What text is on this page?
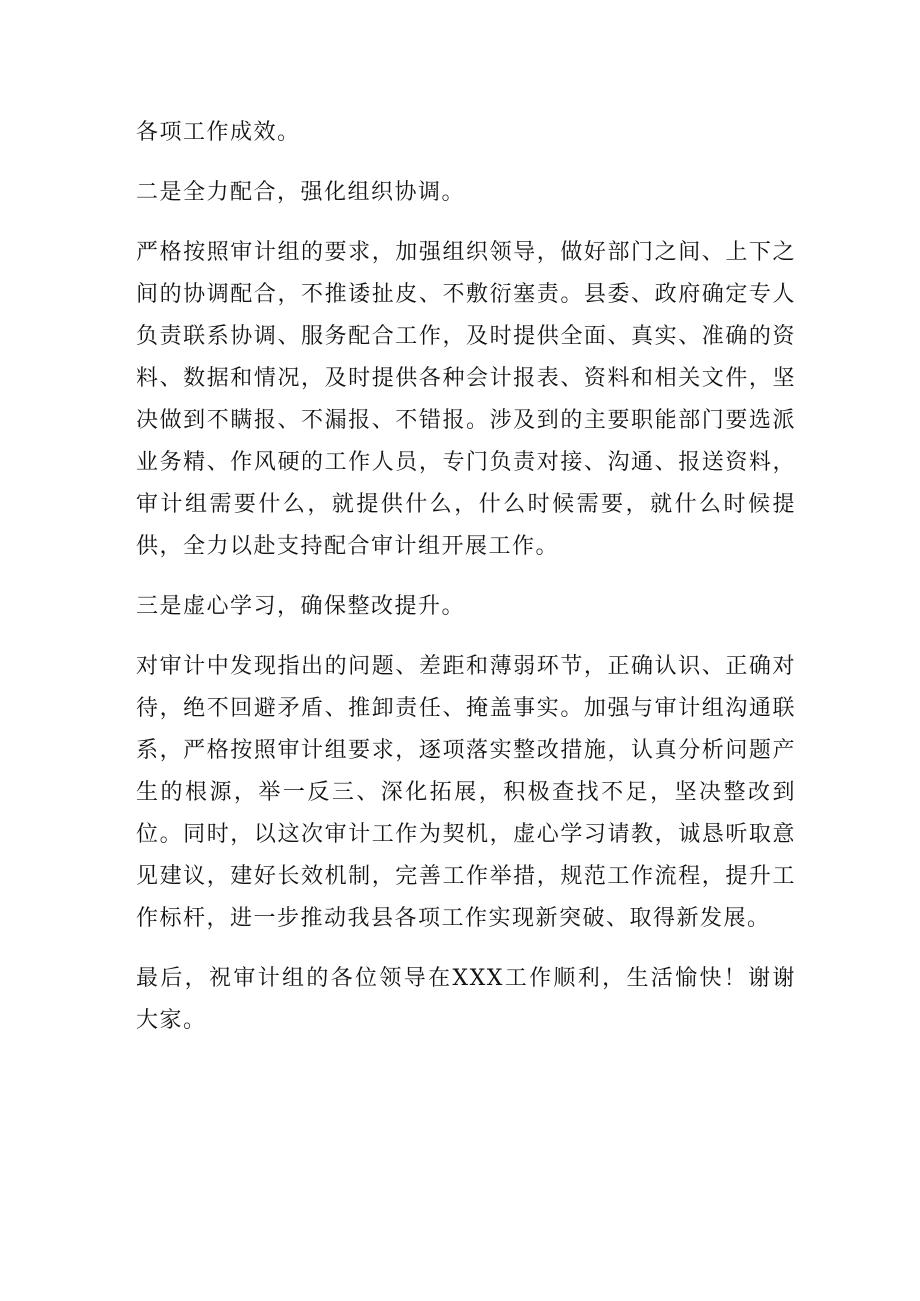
各项工作成效。

二是全力配合，强化组织协调。

严格按照审计组的要求，加强组织领导，做好部门之间、上下之间的协调配合，不推诿扯皮、不敷衍塞责。县委、政府确定专人负责联系协调、服务配合工作，及时提供全面、真实、准确的资料、数据和情况，及时提供各种会计报表、资料和相关文件，坚决做到不瞒报、不漏报、不错报。涉及到的主要职能部门要选派业务精、作风硬的工作人员，专门负责对接、沟通、报送资料，审计组需要什么，就提供什么，什么时候需要，就什么时候提供，全力以赴支持配合审计组开展工作。

三是虚心学习，确保整改提升。

对审计中发现指出的问题、差距和薄弱环节，正确认识、正确对待，绝不回避矛盾、推卸责任、掩盖事实。加强与审计组沟通联系，严格按照审计组要求，逐项落实整改措施，认真分析问题产生的根源，举一反三、深化拓展，积极查找不足，坚决整改到位。同时，以这次审计工作为契机，虚心学习请教，诚恳听取意见建议，建好长效机制，完善工作举措，规范工作流程，提升工作标杆，进一步推动我县各项工作实现新突破、取得新发展。

最后，祝审计组的各位领导在XXX工作顺利，生活愉快！谢谢大家。
